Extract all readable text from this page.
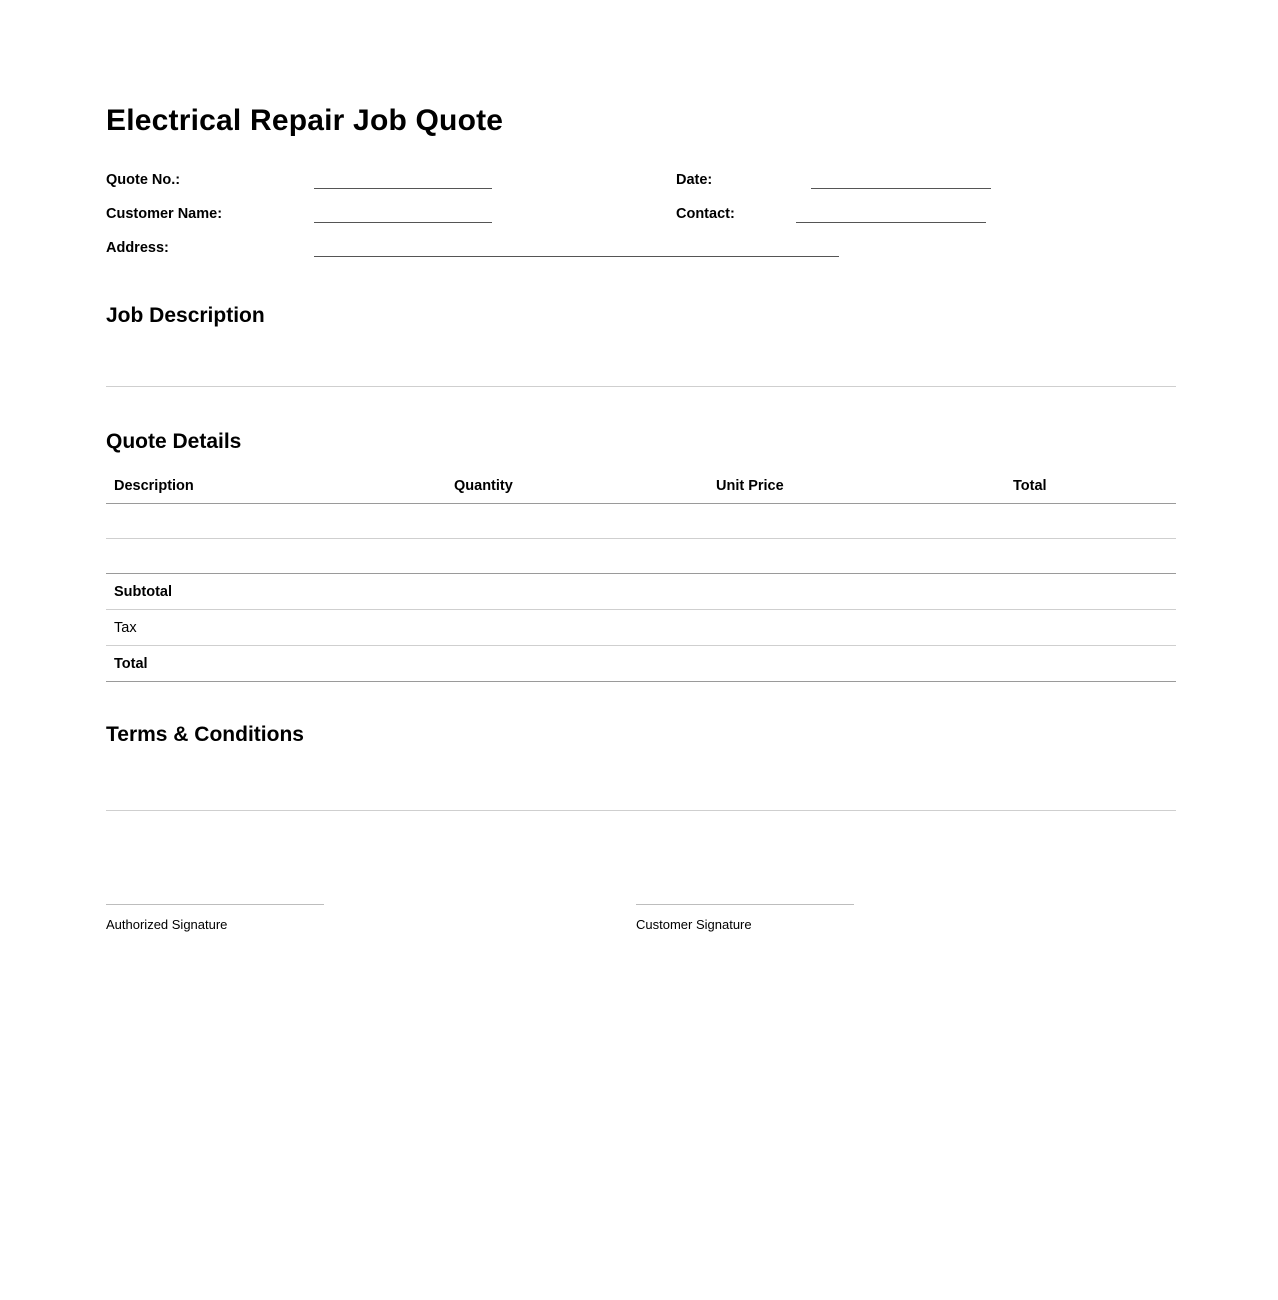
Electrical Repair Job Quote
Quote No.:	Date:
Customer Name:	Contact:
Address:
Job Description
Quote Details
Description	Quantity	Unit Price	Total

Subtotal			
Tax			
Total			
Terms & Conditions
Authorized Signature	Customer Signature
